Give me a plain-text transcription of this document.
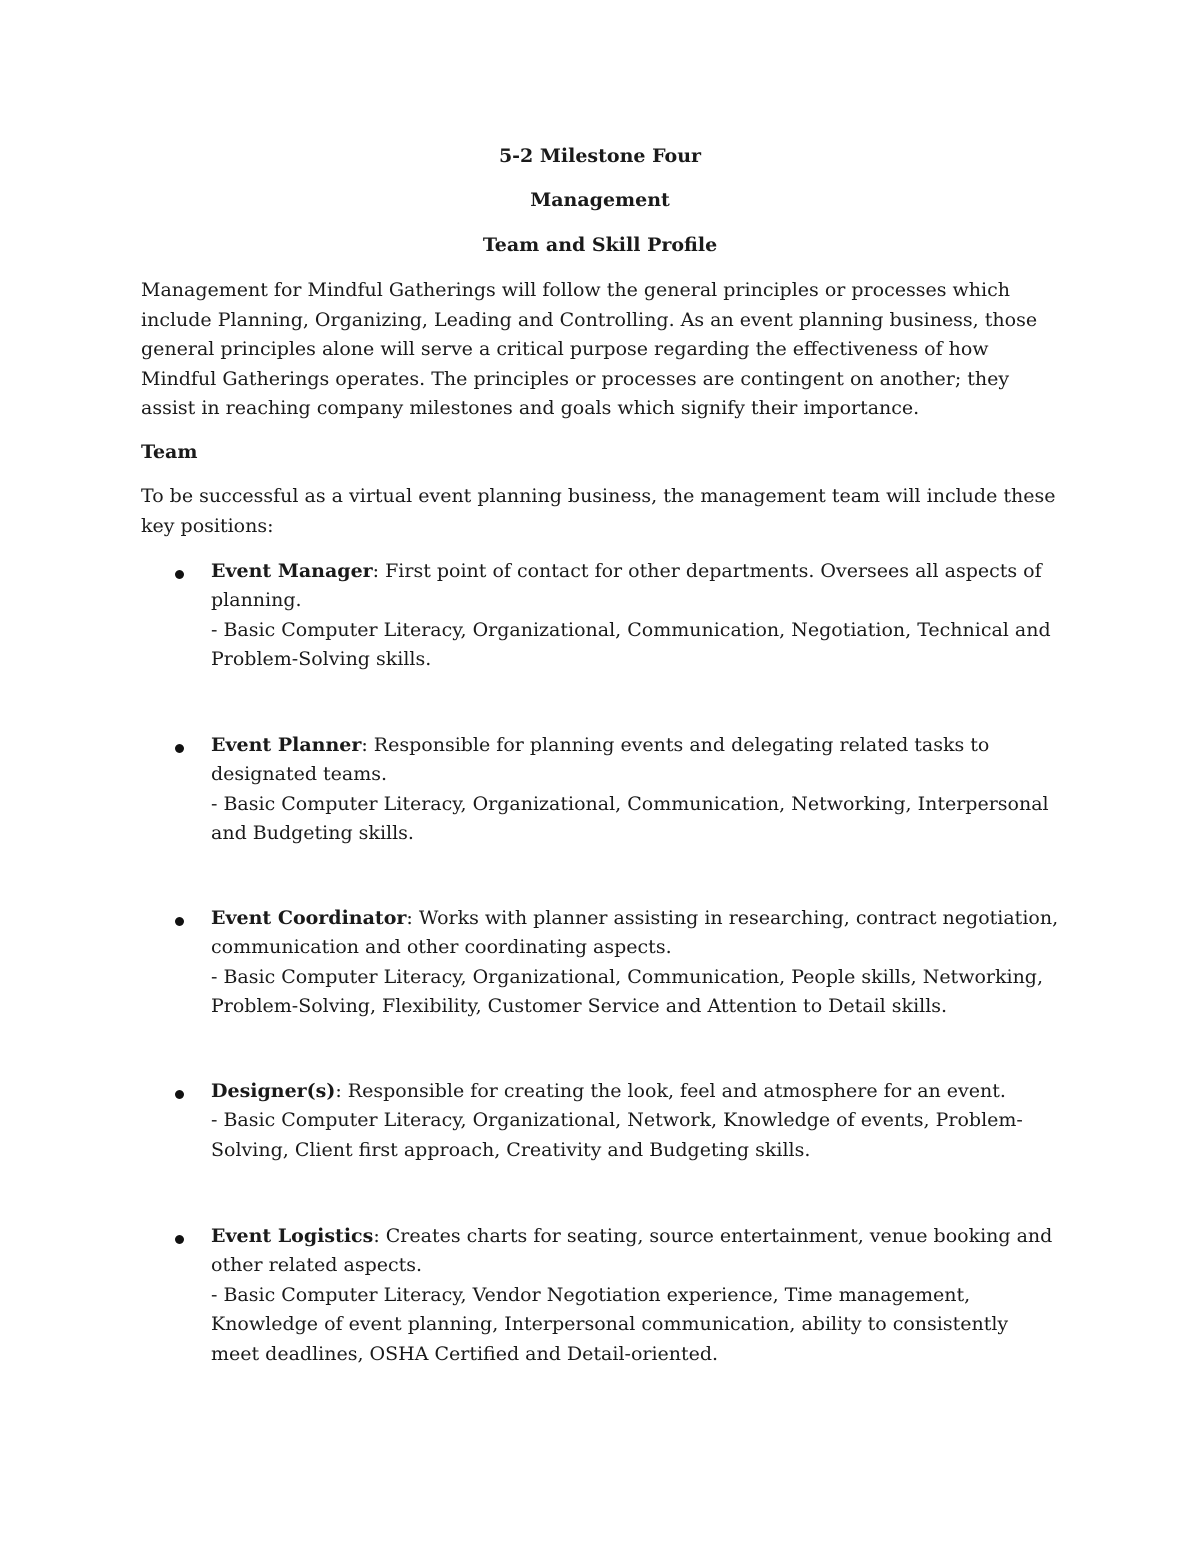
5-2 Milestone Four
Management
Team and Skill Profile

Management for Mindful Gatherings will follow the general principles or processes which include Planning, Organizing, Leading and Controlling. As an event planning business, those general principles alone will serve a critical purpose regarding the effectiveness of how Mindful Gatherings operates. The principles or processes are contingent on another; they assist in reaching company milestones and goals which signify their importance.

Team

To be successful as a virtual event planning business, the management team will include these key positions:

Event Manager: First point of contact for other departments. Oversees all aspects of planning.
- Basic Computer Literacy, Organizational, Communication, Negotiation, Technical and Problem-Solving skills.
Event Planner: Responsible for planning events and delegating related tasks to designated teams.
- Basic Computer Literacy, Organizational, Communication, Networking, Interpersonal and Budgeting skills.
Event Coordinator: Works with planner assisting in researching, contract negotiation, communication and other coordinating aspects.
- Basic Computer Literacy, Organizational, Communication, People skills, Networking, Problem-Solving, Flexibility, Customer Service and Attention to Detail skills.
Designer(s): Responsible for creating the look, feel and atmosphere for an event.
- Basic Computer Literacy, Organizational, Network, Knowledge of events, Problem-Solving, Client first approach, Creativity and Budgeting skills.
Event Logistics: Creates charts for seating, source entertainment, venue booking and other related aspects.
- Basic Computer Literacy, Vendor Negotiation experience, Time management, Knowledge of event planning, Interpersonal communication, ability to consistently meet deadlines, OSHA Certified and Detail-oriented.
